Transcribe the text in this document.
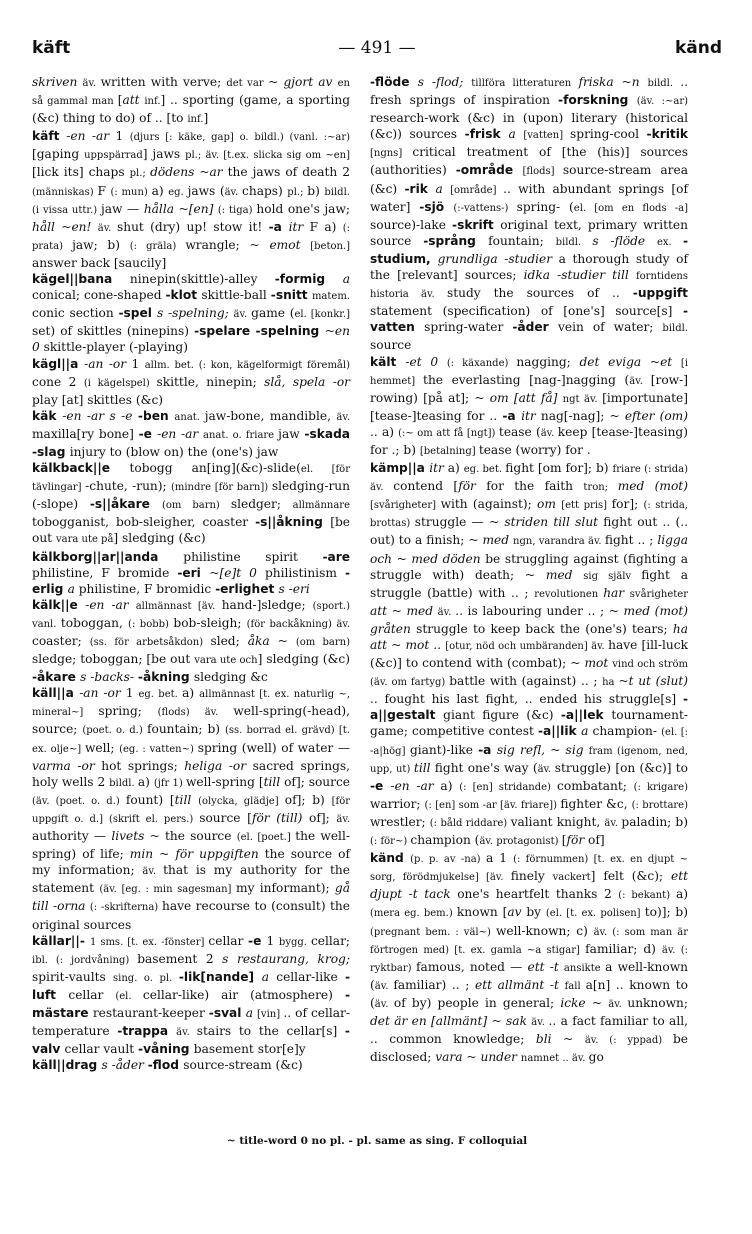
käft	— 491 —	känd

skriven äv. written with verve; det var ~ gjort av en så gammal man [att inf.] .. sporting (game, a sporting (&c) thing to do) of .. [to inf.]

käft -en -ar 1 (djurs [: käke, gap] o. bildl.) (vanl. :~ar) [gaping uppspärrad] jaws pl.; äv. [t.ex. slicka sig om ~en] [lick its] chaps pl.; dödens ~ar the jaws of death 2 (människas) F (: mun) a) eg. jaws (äv. chaps) pl.; b) bildl. (i vissa uttr.) jaw — hålla ~[en] (: tiga) hold one's jaw; håll ~en! äv. shut (dry) up! stow it! -a itr F a) (: prata) jaw; b) (: gräla) wrangle; ~ emot [beton.] answer back [saucily]

kägel||bana ninepin(skittle)-alley -formig a conical; cone-shaped -klot skittle-ball -snitt matem. conic section -spel s -spelning; äv. game (el. [konkr.] set) of skittles (ninepins) -spelare -spelning ~en 0 skittle-player (-playing)

kägl||a -an -or 1 allm. bet. (: kon, kägelformigt föremål) cone 2 (i kägelspel) skittle, ninepin; slå, spela -or play [at] skittles (&c)

käk -en -ar s -e -ben anat. jaw-bone, mandible, äv. maxilla[ry bone] -e -en -ar anat. o. friare jaw -skada -slag injury to (blow on) the (one's) jaw

kälkback||e tobogg an[ing](&c)-slide(el. [för tävlingar] -chute, -run); (mindre [för barn]) sledging-run (-slope) -s||åkare (om barn) sledger; allmännare tobogganist, bob-sleigher, coaster -s||åkning [be out vara ute på] sledging (&c)

kälkborg||ar||anda philistine spirit -are philistine, F bromide -eri ~[e]t 0 philistinism -erlig a philistine, F bromidic -erlighet s -eri

kälk||e -en -ar allmännast [äv. hand-]sledge; (sport.) vanl. toboggan, (: bobb) bob-sleigh; (för backåkning) äv. coaster; (ss. för arbetsåkdon) sled; åka ~ (om barn) sledge; toboggan; [be out vara ute och] sledging (&c) -åkare s -backs- -åkning sledging &c

käll||a -an -or 1 eg. bet. a) allmännast [t. ex. naturlig ~, mineral~] spring; (flods) äv. well-spring(-head), source; (poet. o. d.) fountain; b) (ss. borrad el. grävd) [t. ex. olje~] well; (eg. : vatten~) spring (well) of water — varma -or hot springs; heliga -or sacred springs, holy wells 2 bildl. a) (jfr 1) well-spring [till of]; source (äv. (poet. o. d.) fount) [till (olycka, glädje] of]; b) [för uppgift o. d.] (skrift el. pers.) source [för (till) of]; äv. authority — livets ~ the source (el. [poet.] the well-spring) of life; min ~ för uppgiften the source of my information; äv. that is my authority for the statement (äv. [eg. : min sagesman] my informant); gå till -orna (: -skrifterna) have recourse to (consult) the original sources

källar||- 1 sms. [t. ex. -fönster] cellar -e 1 bygg. cellar; ibl. (: jordvåning) basement 2 s restaurang, krog; spirit-vaults sing. o. pl. -lik[nande] a cellar-like -luft cellar (el. cellar-like) air (atmosphere) -mästare restaurant-keeper -sval a [vin] .. of cellar-temperature -trappa äv. stairs to the cellar[s] -valv cellar vault -våning basement stor[e]y

käll||drag s -åder -flod source-stream (&c)

-flöde s -flod; tillföra litteraturen friska ~n bildl. .. fresh springs of inspiration -forskning (äv. :~ar) research-work (&c) in (upon) literary (historical (&c)) sources -frisk a [vatten] spring-cool -kritik [ngns] critical treatment of [the (his)] sources (authorities) -område [flods] source-stream area (&c) -rik a [område] .. with abundant springs [of water] -sjö (:-vattens-) spring- (el. [om en flods -a] source)-lake -skrift original text, primary written source -språng fountain; bildl. s -flöde ex. -studium, grundliga -studier a thorough study of the [relevant] sources; idka -studier till forntidens historia äv. study the sources of .. -uppgift statement (specification) of [one's] source[s] -vatten spring-water -åder vein of water; bildl. source

kält -et 0 (: käxande) nagging; det eviga ~et [i hemmet] the everlasting [nag-]nagging (äv. [row-] rowing) [på at]; ~ om [att få] ngt äv. [importunate] [tease-]teasing for .. -a itr nag[-nag]; ~ efter (om) .. a) (:~ om att få [ngt]) tease (äv. keep [tease-]teasing) for .; b) [betalning] tease (worry) for .

kämp||a itr a) eg. bet. fight [om for]; b) friare (: strida) äv. contend [för for the faith tron; med (mot) [svårigheter] with (against); om [ett pris] for]; (: strida, brottas) struggle — ~ striden till slut fight out .. (.. out) to a finish; ~ med ngn, varandra äv. fight .. ; ligga och ~ med döden be struggling against (fighting a struggle with) death; ~ med sig själv fight a struggle (battle) with .. ; revolutionen har svårigheter att ~ med äv. .. is labouring under .. ; ~ med (mot) gråten struggle to keep back the (one's) tears; ha att ~ mot .. [otur, nöd och umbäranden] äv. have [ill-luck (&c)] to contend with (combat); ~ mot vind och ström (äv. om fartyg) battle with (against) .. ; ha ~t ut (slut) .. fought his last fight, .. ended his struggle[s] -a||gestalt giant figure (&c) -a||lek tournament-game; competitive contest -a||lik a champion- (el. [: -a|hög] giant)-like -a sig refl, ~ sig fram (igenom, ned, upp, ut) till fight one's way (äv. struggle) [on (&c)] to -e -en -ar a) (: [en] stridande) combatant; (: krigare) warrior; (: [en] som -ar [äv. friare]) fighter &c, (: brottare) wrestler; (: båld riddare) valiant knight, äv. paladin; b) (: för~) champion (äv. protagonist) [för of]

känd (p. p. av -na) a 1 (: förnummen) [t. ex. en djupt ~ sorg, förödmjukelse] [äv. finely vackert] felt (&c); ett djupt -t tack one's heartfelt thanks 2 (: bekant) a) (mera eg. bem.) known [av by (el. [t. ex. polisen] to)]; b) (pregnant bem. : väl~) well-known; c) äv. (: som man är förtrogen med) [t. ex. gamla ~a stigar] familiar; d) äv. (: ryktbar) famous, noted — ett -t ansikte a well-known (äv. familiar) .. ; ett allmänt -t fall a[n] .. known to (äv. of by) people in general; icke ~ äv. unknown; det är en [allmänt] ~ sak äv. .. a fact familiar to all, .. common knowledge; bli ~ äv. (: yppad) be disclosed; vara ~ under namnet .. äv. go

~ title-word 0 no pl. - pl. same as sing. F colloquial
